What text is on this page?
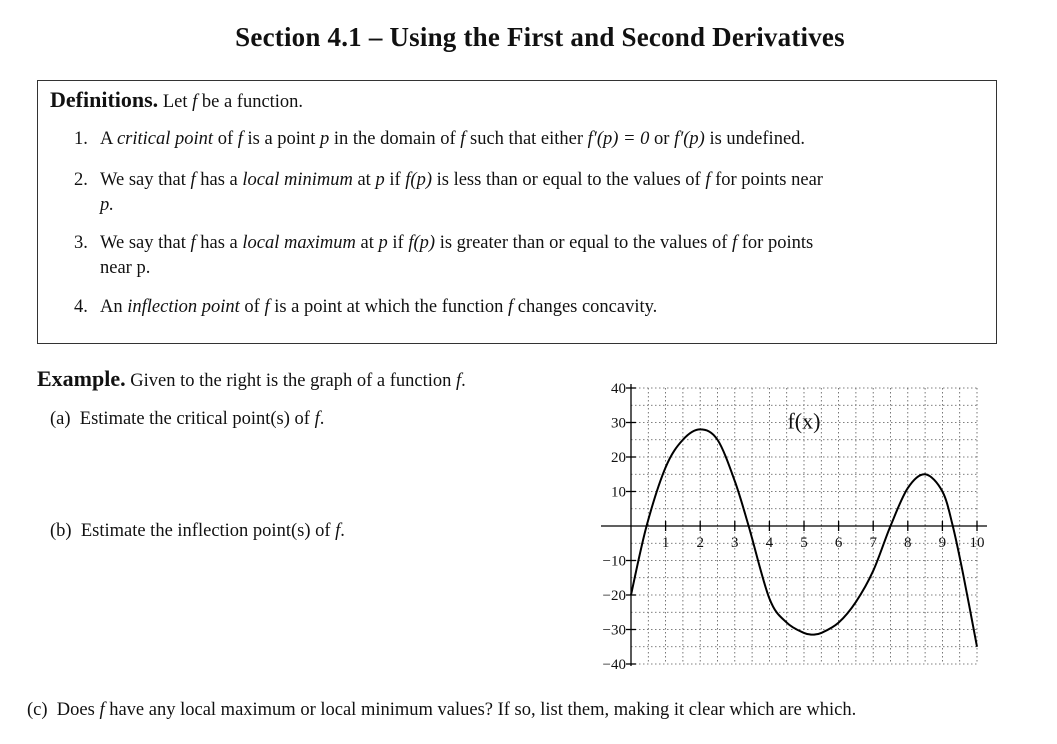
Section 4.1 – Using the First and Second Derivatives
Definitions. Let f be a function.
1. A critical point of f is a point p in the domain of f such that either f′(p) = 0 or f′(p) is undefined.
2. We say that f has a local minimum at p if f(p) is less than or equal to the values of f for points near
p.
3. We say that f has a local maximum at p if f(p) is greater than or equal to the values of f for points
near p.
4. An inflection point of f is a point at which the function f changes concavity.
Example. Given to the right is the graph of a function f.
(a) Estimate the critical point(s) of f.
(b) Estimate the inflection point(s) of f.
(c) Does f have any local maximum or local minimum values? If so, list them, making it clear which are which.
1 2 3 4 5 6 7 8 9 10
40
30
20
10
−10
−20
−30
−40
f(x)
